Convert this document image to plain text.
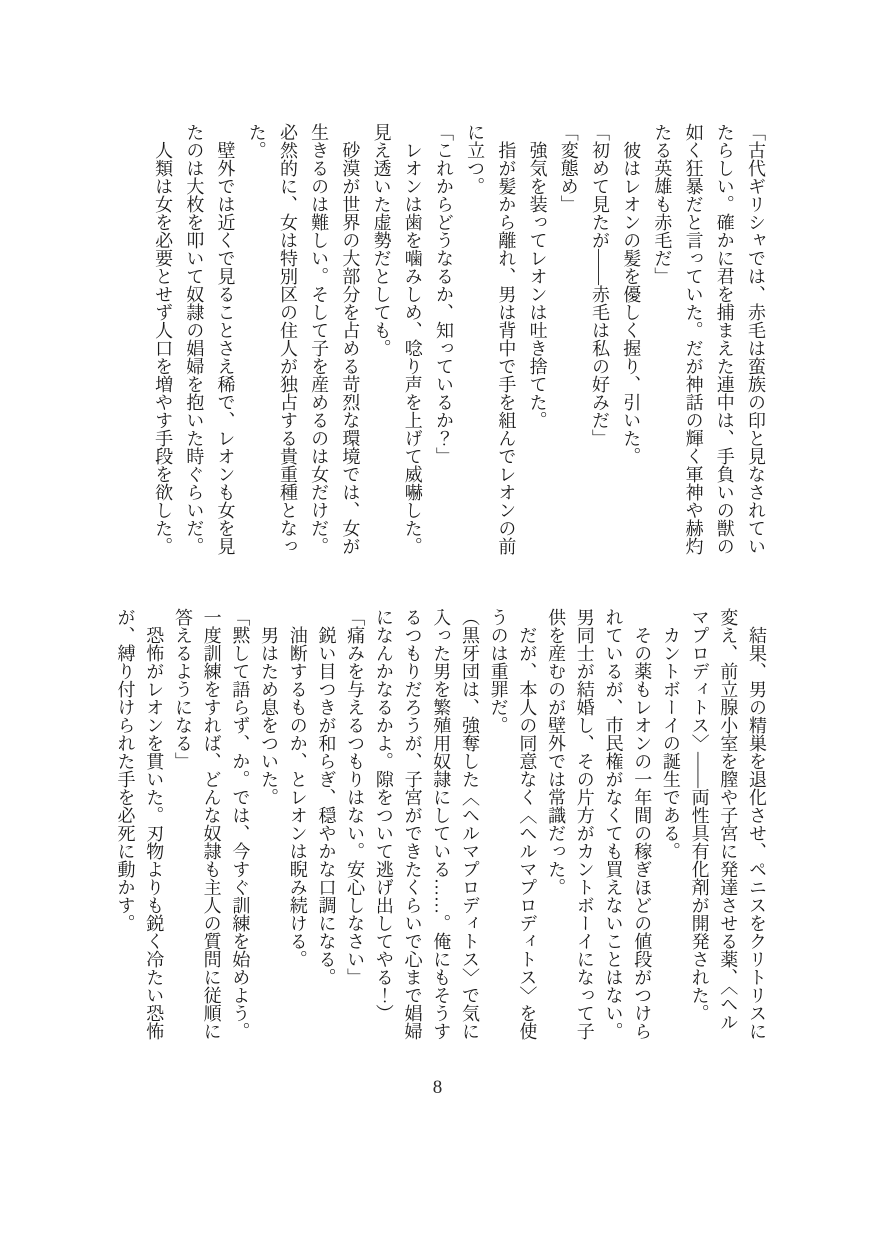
「古代ギリシャでは、赤毛は蛮族の印と見なされていたらしい。確かに君を捕まえた連中は、手負いの獣の如く狂暴だと言っていた。だが神話の輝く軍神や赫灼たる英雄も赤毛だ」

　彼はレオンの髪を優しく握り、引いた。

「初めて見たが――赤毛は私の好みだ」

「変態め」

　強気を装ってレオンは吐き捨てた。

　指が髪から離れ、男は背中で手を組んでレオンの前に立つ。

「これからどうなるか、知っているか？」

　レオンは歯を噛みしめ、唸り声を上げて威嚇した。見え透いた虚勢だとしても。

　砂漠が世界の大部分を占める苛烈な環境では、女が生きるのは難しい。そして子を産めるのは女だけだ。必然的に、女は特別区の住人が独占する貴重種となった。

　壁外では近くで見ることさえ稀で、レオンも女を見たのは大枚を叩いて奴隷の娼婦を抱いた時ぐらいだ。

　人類は女を必要とせず人口を増やす手段を欲した。

　結果、男の精巣を退化させ、ペニスをクリトリスに変え、前立腺小室を膣や子宮に発達させる薬、〈ヘルマプロディトス〉――両性具有化剤が開発された。

　カントボーイの誕生である。

　その薬もレオンの一年間の稼ぎほどの値段がつけられているが、市民権がなくても買えないことはない。男同士が結婚し、その片方がカントボーイになって子供を産むのが壁外では常識だった。

　だが、本人の同意なく〈ヘルマプロディトス〉を使うのは重罪だ。

（黒牙団は、強奪した〈ヘルマプロディトス〉で気に入った男を繁殖用奴隷にしている……。俺にもそうするつもりだろうが、子宮ができたくらいで心まで娼婦になんかなるかよ。隙をついて逃げ出してやる！）

「痛みを与えるつもりはない。安心しなさい」

　鋭い目つきが和らぎ、穏やかな口調になる。

　油断するものか、とレオンは睨み続ける。

　男はため息をついた。

「黙して語らず、か。では、今すぐ訓練を始めよう。一度訓練をすれば、どんな奴隷も主人の質問に従順に答えるようになる」

　恐怖がレオンを貫いた。刃物よりも鋭く冷たい恐怖が、縛り付けられた手を必死に動かす。

8
